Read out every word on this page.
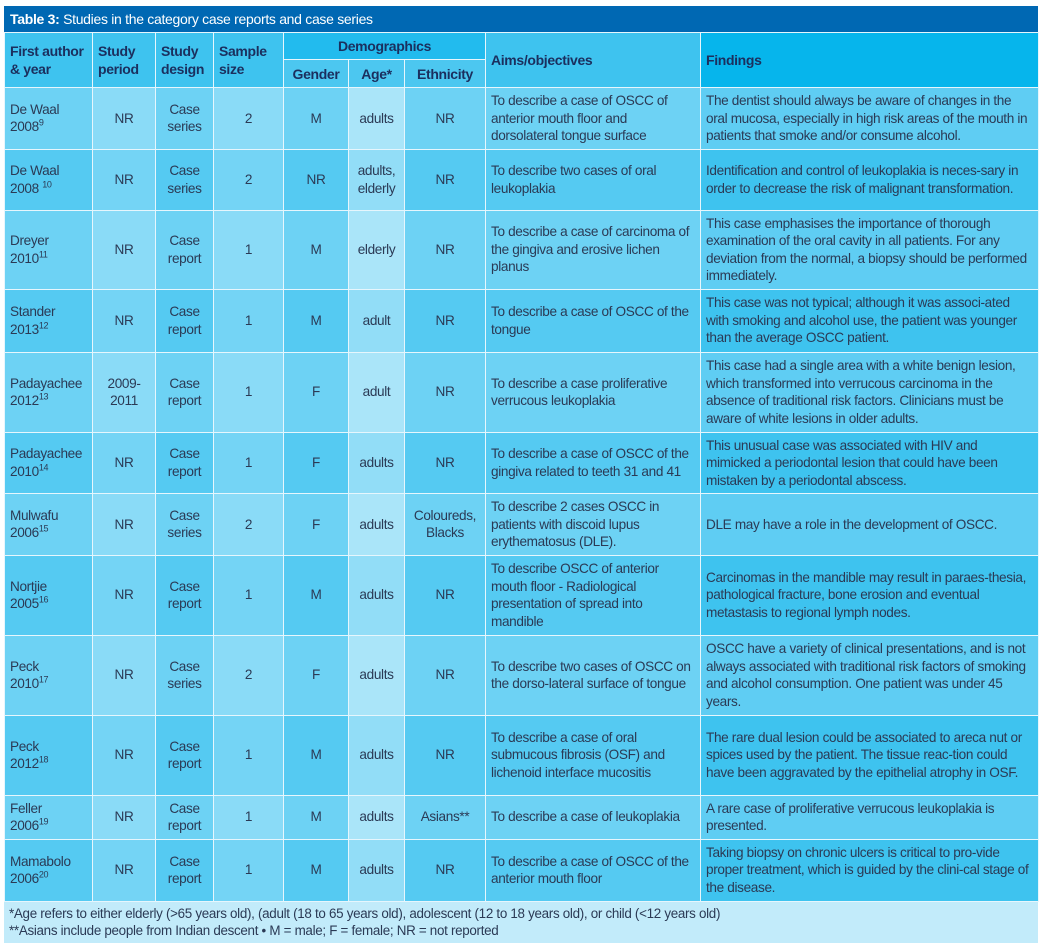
Table 3: Studies in the category case reports and case series
First author & year	Study period	Study design	Sample size	Demographics			Aims/objectives	Findings
				Gender	Age*	Ethnicity		
De Waal
2008$^9$	NR	Case series	2	M	adults	NR	To describe a case of OSCC of anterior mouth floor and dorsolateral tongue surface	The dentist should always be aware of changes in the oral mucosa, especially in high risk areas of the mouth in patients that smoke and/or consume alcohol.
De Waal
2008 $^{10}$	NR	Case series	2	NR	adults, elderly	NR	To describe two cases of oral leukoplakia	Identification and control of leukoplakia is neces-sary in order to decrease the risk of malignant transformation.
Dreyer
2010$^{11}$	NR	Case report	1	M	elderly	NR	To describe a case of carcinoma of the gingiva and erosive lichen planus	This case emphasises the importance of thorough examination of the oral cavity in all patients. For any deviation from the normal, a biopsy should be performed immediately.
Stander
2013$^{12}$	NR	Case report	1	M	adult	NR	To describe a case of OSCC of the tongue	This case was not typical; although it was associ-ated with smoking and alcohol use, the patient was younger than the average OSCC patient.
Padayachee
2012$^{13}$	2009-2011	Case report	1	F	adult	NR	To describe a case proliferative verrucous leukoplakia	This case had a single area with a white benign lesion, which transformed into verrucous carcinoma in the absence of traditional risk factors. Clinicians must be aware of white lesions in older adults.
Padayachee
2010$^{14}$	NR	Case report	1	F	adults	NR	To describe a case of OSCC of the gingiva related to teeth 31 and 41	This unusual case was associated with HIV and mimicked a periodontal lesion that could have been mistaken by a periodontal abscess.
Mulwafu
2006$^{15}$	NR	Case series	2	F	adults	Coloureds, Blacks	To describe 2 cases OSCC in patients with discoid lupus erythematosus (DLE).	DLE may have a role in the development of OSCC.
Nortjie
2005$^{16}$	NR	Case report	1	M	adults	NR	To describe OSCC of anterior mouth floor - Radiological presentation of spread into mandible	Carcinomas in the mandible may result in paraes-thesia, pathological fracture, bone erosion and eventual metastasis to regional lymph nodes.
Peck
2010$^{17}$	NR	Case series	2	F	adults	NR	To describe two cases of OSCC on the dorso-lateral surface of tongue	OSCC have a variety of clinical presentations, and is not always associated with traditional risk factors of smoking and alcohol consumption. One patient was under 45 years.
Peck
2012$^{18}$	NR	Case report	1	M	adults	NR	To describe a case of oral submucous fibrosis (OSF) and lichenoid interface mucositis	The rare dual lesion could be associated to areca nut or spices used by the patient. The tissue reac-tion could have been aggravated by the epithelial atrophy in OSF.
Feller
2006$^{19}$	NR	Case report	1	M	adults	Asians**	To describe a case of leukoplakia	A rare case of proliferative verrucous leukoplakia is presented.
Mamabolo
2006$^{20}$	NR	Case report	1	M	adults	NR	To describe a case of OSCC of the anterior mouth floor	Taking biopsy on chronic ulcers is critical to pro-vide proper treatment, which is guided by the clini-cal stage of the disease.
*Age refers to either elderly (>65 years old), (adult (18 to 65 years old), adolescent (12 to 18 years old), or child (<12 years old)
**Asians include people from Indian descent • M = male; F = female; NR = not reported
